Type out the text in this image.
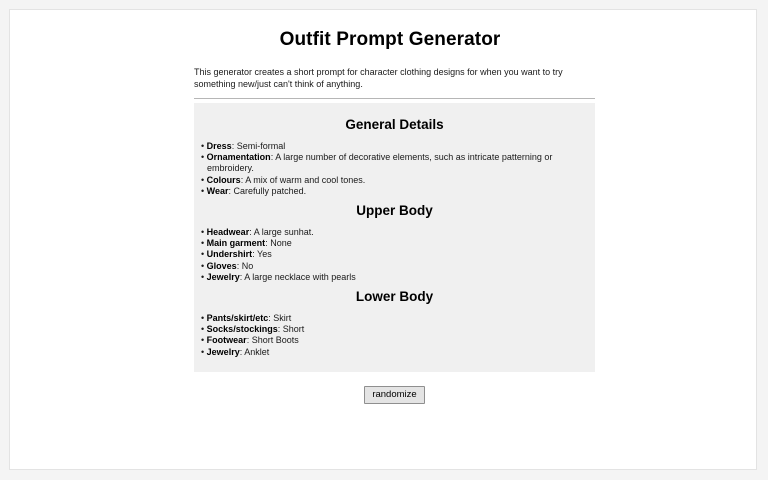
Outfit Prompt Generator

This generator creates a short prompt for character clothing designs for when you want to try something new/just can't think of anything.

General Details
• Dress: Semi-formal
• Ornamentation: A large number of decorative elements, such as intricate patterning or embroidery.
• Colours: A mix of warm and cool tones.
• Wear: Carefully patched.
Upper Body
• Headwear: A large sunhat.
• Main garment: None
• Undershirt: Yes
• Gloves: No
• Jewelry: A large necklace with pearls
Lower Body
• Pants/skirt/etc: Skirt
• Socks/stockings: Short
• Footwear: Short Boots
• Jewelry: Anklet
randomize
